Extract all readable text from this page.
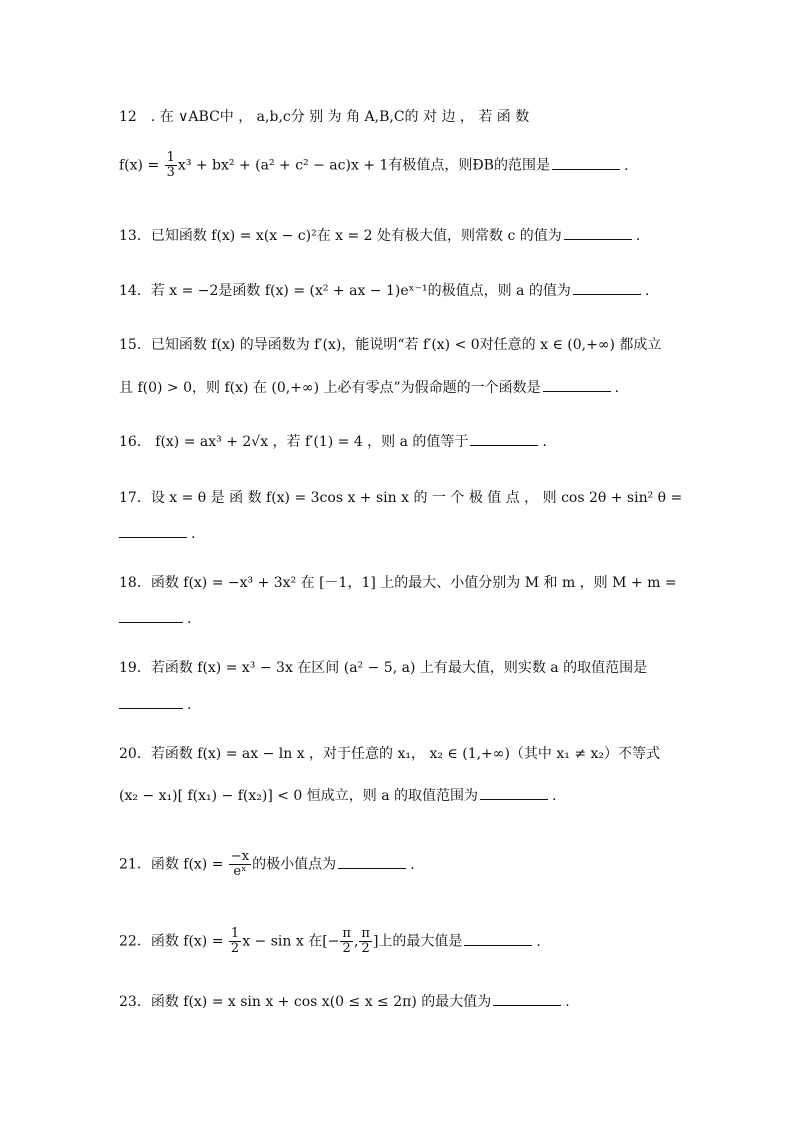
12　. 在 ∨ABC中 ， a,b,c分 别 为 角 A,B,C的 对 边 ， 若 函 数
$f(x) = \frac{1}{3} x^3 + bx^2 + (a^2 + c^2 - ac)x + 1$有极值点，则ÐB的范围是	.
13．已知函数 f(x) = x(x − c)²在 x = 2 处有极大值，则常数 c 的值为	.
14．若 x = −2是函数 f(x) = (x² + ax − 1)eˣ⁻¹的极值点，则 a 的值为	.
15．已知函数 f(x) 的导函数为 f′(x)，能说明“若 f′(x) < 0对任意的 x ∈ (0,+∞) 都成立
且 f(0) > 0，则 f(x) 在 (0,+∞) 上必有零点”为假命题的一个函数是	.
16． f(x) = ax³ + 2√x ，若 f′(1) = 4 ，则 a 的值等于	.
17．设 x = θ 是 函 数 f(x) = 3cos x + sin x 的 一 个 极 值 点 ， 则 cos 2θ + sin² θ =
.
18．函数 f(x) = −x³ + 3x² 在 [－1，1] 上的最大、小值分别为 M 和 m ，则 M + m =
.
19．若函数 f(x) = x³ − 3x 在区间 (a² − 5, a) 上有最大值，则实数 a 的取值范围是
.
20．若函数 f(x) = ax − ln x ，对于任意的 x₁， x₂ ∈ (1,+∞)（其中 x₁ ≠ x₂）不等式
(x₂ − x₁)[ f(x₁) − f(x₂)] < 0 恒成立，则 a 的取值范围为	.
21．函数 $f(x) = \frac{-x}{\text{eˣ}}$ 的极小值点为	.
22．函数 $f(x) = \frac{1}{2}$ x − sin x 在[− $\frac{\pi}{2}$ , $\frac{\pi}{2}$ ]上的最大值是	.
23．函数 f(x) = x sin x + cos x(0 ≤ x ≤ 2π) 的最大值为	.
